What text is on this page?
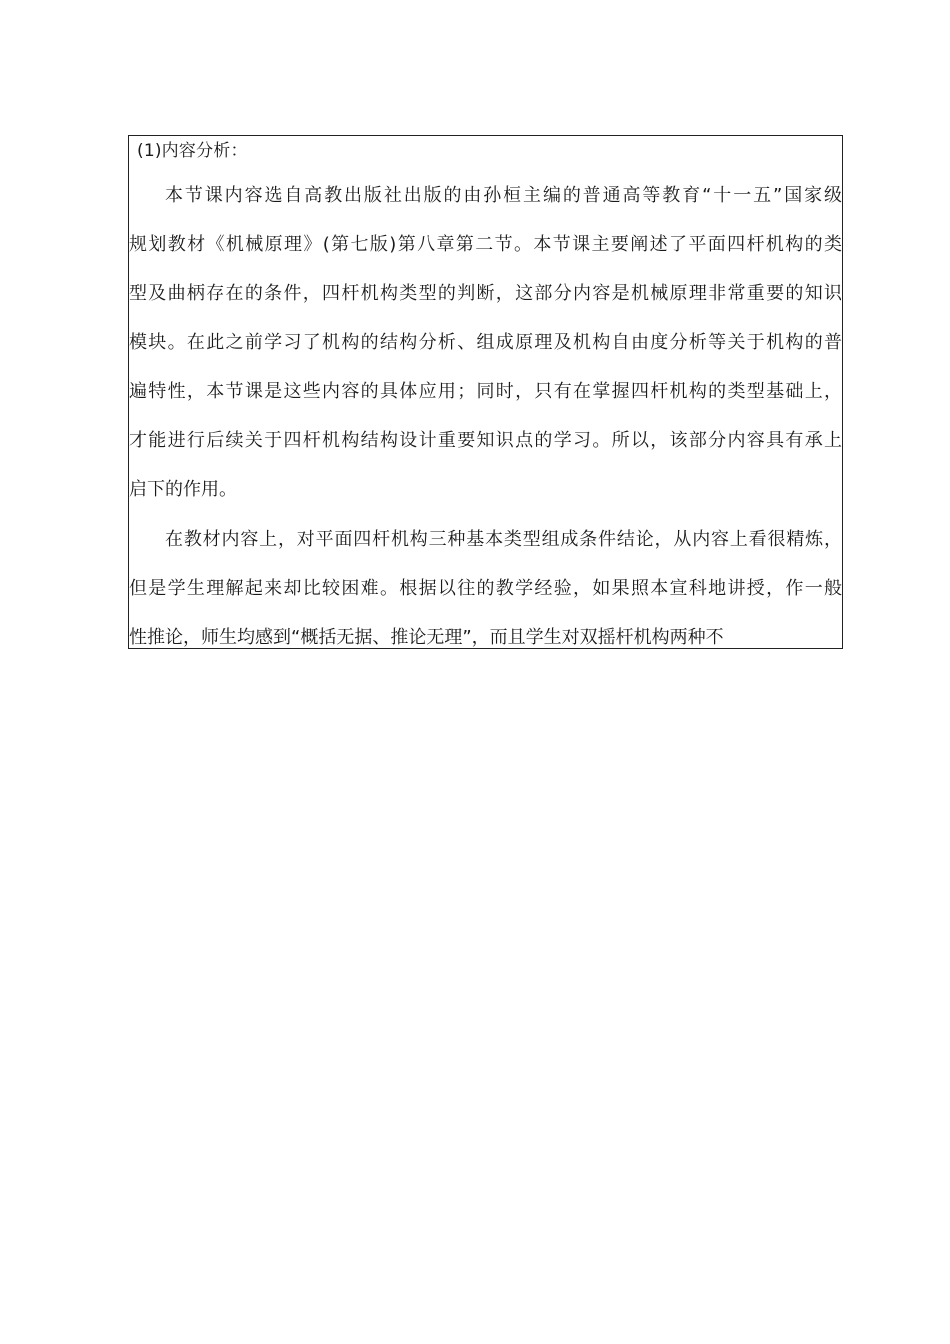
(1)内容分析：
本节课内容选自高教出版社出版的由孙桓主编的普通高等教育“十一五”国家级
规划教材《机械原理》(第七版)第八章第二节。本节课主要阐述了平面四杆机构的类
型及曲柄存在的条件，四杆机构类型的判断，这部分内容是机械原理非常重要的知识
模块。在此之前学习了机构的结构分析、组成原理及机构自由度分析等关于机构的普
遍特性，本节课是这些内容的具体应用；同时，只有在掌握四杆机构的类型基础上，
才能进行后续关于四杆机构结构设计重要知识点的学习。所以，该部分内容具有承上
启下的作用。
在教材内容上，对平面四杆机构三种基本类型组成条件结论，从内容上看很精炼，
但是学生理解起来却比较困难。根据以往的教学经验，如果照本宣科地讲授，作一般
性推论，师生均感到“概括无据、推论无理”，而且学生对双摇杆机构两种不
